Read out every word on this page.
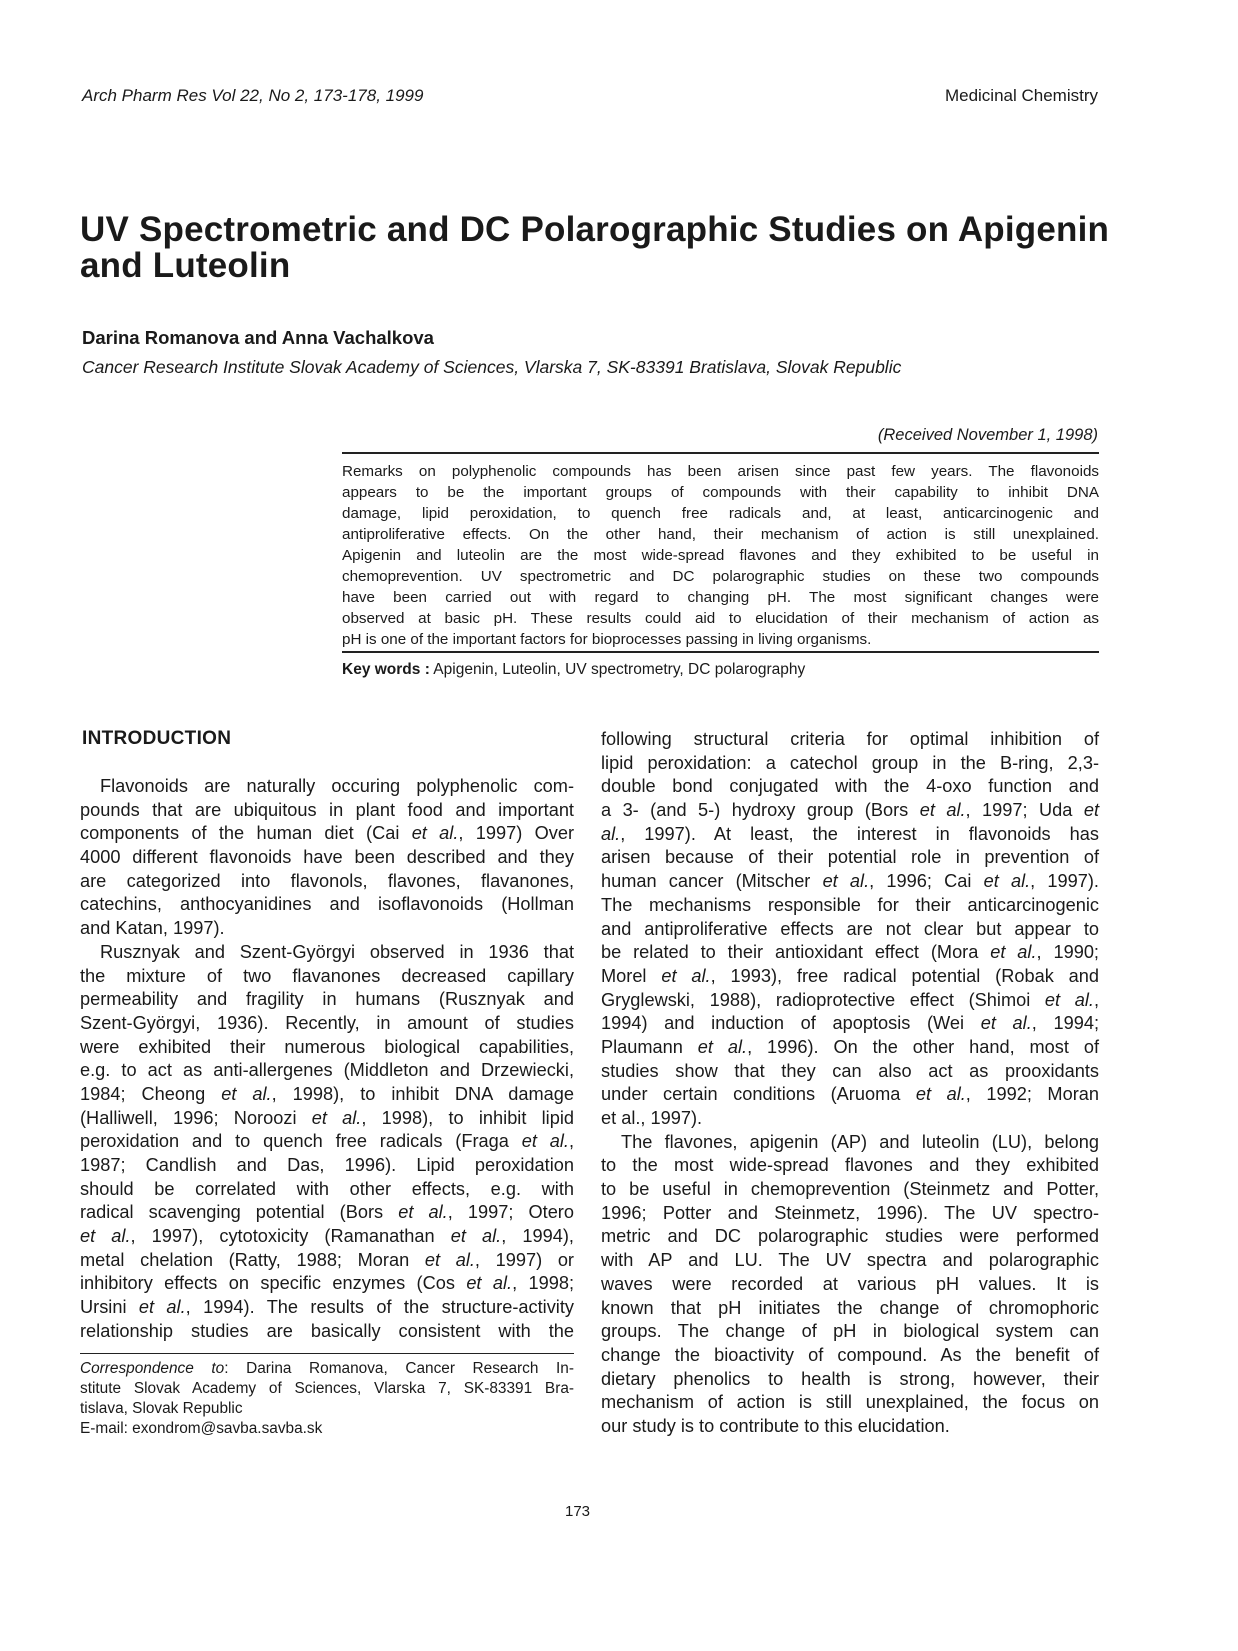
Arch Pharm Res Vol 22, No 2, 173-178, 1999	Medicinal Chemistry
UV Spectrometric and DC Polarographic Studies on Apigenin
and Luteolin
Darina Romanova and Anna Vachalkova
Cancer Research Institute Slovak Academy of Sciences, Vlarska 7, SK-83391 Bratislava, Slovak Republic
(Received November 1, 1998)
Remarks on polyphenolic compounds has been arisen since past few years. The flavonoids
appears to be the important groups of compounds with their capability to inhibit DNA
damage, lipid peroxidation, to quench free radicals and, at least, anticarcinogenic and
antiproliferative effects. On the other hand, their mechanism of action is still unexplained.
Apigenin and luteolin are the most wide-spread flavones and they exhibited to be useful in
chemoprevention. UV spectrometric and DC polarographic studies on these two compounds
have been carried out with regard to changing pH. The most significant changes were
observed at basic pH. These results could aid to elucidation of their mechanism of action as
pH is one of the important factors for bioprocesses passing in living organisms.
Key words : Apigenin, Luteolin, UV spectrometry, DC polarography
INTRODUCTION
Flavonoids are naturally occuring polyphenolic com-
pounds that are ubiquitous in plant food and important
components of the human diet (Cai et al., 1997) Over
4000 different flavonoids have been described and they
are categorized into flavonols, flavones, flavanones,
catechins, anthocyanidines and isoflavonoids (Hollman
and Katan, 1997).
Rusznyak and Szent-Györgyi observed in 1936 that
the mixture of two flavanones decreased capillary
permeability and fragility in humans (Rusznyak and
Szent-Györgyi, 1936). Recently, in amount of studies
were exhibited their numerous biological capabilities,
e.g. to act as anti-allergenes (Middleton and Drzewiecki,
1984; Cheong et al., 1998), to inhibit DNA damage
(Halliwell, 1996; Noroozi et al., 1998), to inhibit lipid
peroxidation and to quench free radicals (Fraga et al.,
1987; Candlish and Das, 1996). Lipid peroxidation
should be correlated with other effects, e.g. with
radical scavenging potential (Bors et al., 1997; Otero
et al., 1997), cytotoxicity (Ramanathan et al., 1994),
metal chelation (Ratty, 1988; Moran et al., 1997) or
inhibitory effects on specific enzymes (Cos et al., 1998;
Ursini et al., 1994). The results of the structure-activity
relationship studies are basically consistent with the
following structural criteria for optimal inhibition of
lipid peroxidation: a catechol group in the B-ring, 2,3-
double bond conjugated with the 4-oxo function and
a 3- (and 5-) hydroxy group (Bors et al., 1997; Uda et
al., 1997). At least, the interest in flavonoids has
arisen because of their potential role in prevention of
human cancer (Mitscher et al., 1996; Cai et al., 1997).
The mechanisms responsible for their anticarcinogenic
and antiproliferative effects are not clear but appear to
be related to their antioxidant effect (Mora et al., 1990;
Morel et al., 1993), free radical potential (Robak and
Gryglewski, 1988), radioprotective effect (Shimoi et al.,
1994) and induction of apoptosis (Wei et al., 1994;
Plaumann et al., 1996). On the other hand, most of
studies show that they can also act as prooxidants
under certain conditions (Aruoma et al., 1992; Moran
et al., 1997).
The flavones, apigenin (AP) and luteolin (LU), belong
to the most wide-spread flavones and they exhibited
to be useful in chemoprevention (Steinmetz and Potter,
1996; Potter and Steinmetz, 1996). The UV spectro-
metric and DC polarographic studies were performed
with AP and LU. The UV spectra and polarographic
waves were recorded at various pH values. It is
known that pH initiates the change of chromophoric
groups. The change of pH in biological system can
change the bioactivity of compound. As the benefit of
dietary phenolics to health is strong, however, their
mechanism of action is still unexplained, the focus on
our study is to contribute to this elucidation.
Correspondence to: Darina Romanova, Cancer Research In-
stitute Slovak Academy of Sciences, Vlarska 7, SK-83391 Bra-
tislava, Slovak Republic
E-mail: exondrom@savba.savba.sk
173
